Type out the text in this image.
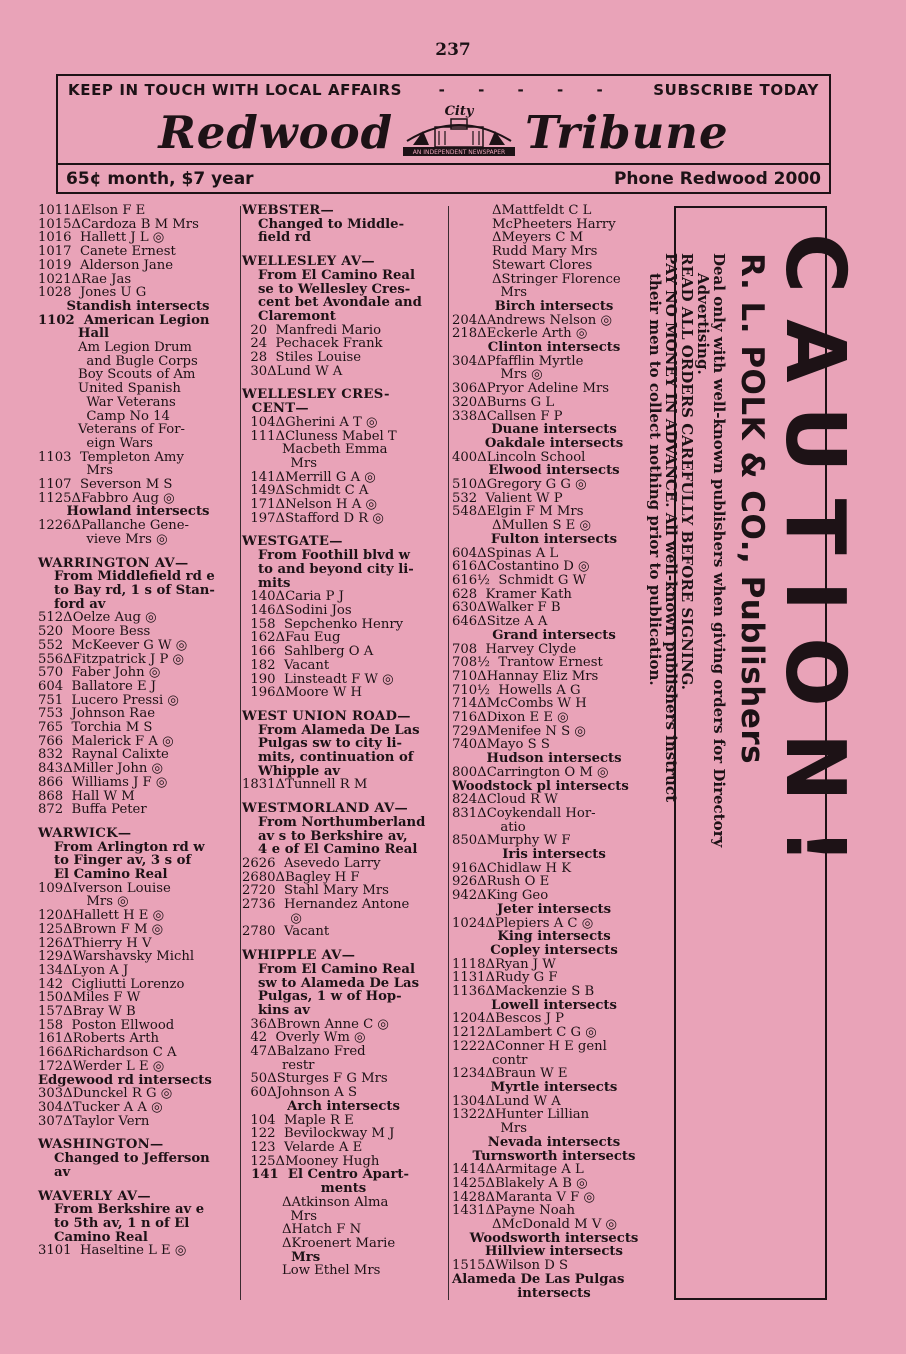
237
KEEP IN TOUCH WITH LOCAL AFFAIRS - - - - - SUBSCRIBE TODAY
Redwood	City
AN INDEPENDENT NEWSPAPER Tribune
65¢ month, $7 year	Phone Redwood 2000
1011ΔElson F E
1015ΔCardoza B M Mrs
1016  Hallett J L ◎
1017  Canete Ernest
1019  Alderson Jane
1021ΔRae Jas
1028  Jones U G
Standish intersects
1102  American Legion
Hall
Am Legion Drum
and Bugle Corps
Boy Scouts of Am
United Spanish
War Veterans
Camp No 14
Veterans of For-
eign Wars
1103  Templeton Amy
Mrs
1107  Severson M S
1125ΔFabbro Aug ◎
Howland intersects
1226ΔPallanche Gene-
vieve Mrs ◎
WARRINGTON AV—
From Middlefield rd e
to Bay rd, 1 s of Stan-
ford av
512ΔOelze Aug ◎
520  Moore Bess
552  McKeever G W ◎
556ΔFitzpatrick J P ◎
570  Faber John ◎
604  Ballatore E J
751  Lucero Pressi ◎
753  Johnson Rae
765  Torchia M S
766  Malerick F A ◎
832  Raynal Calixte
843ΔMiller John ◎
866  Williams J F ◎
868  Hall W M
872  Buffa Peter
WARWICK—
From Arlington rd w
to Finger av, 3 s of
El Camino Real
109ΔIverson Louise
Mrs ◎
120ΔHallett H E ◎
125ΔBrown F M ◎
126ΔThierry H V
129ΔWarshavsky Michl
134ΔLyon A J
142  Cigliutti Lorenzo
150ΔMiles F W
157ΔBray W B
158  Poston Ellwood
161ΔRoberts Arth
166ΔRichardson C A
172ΔWerder L E ◎
Edgewood rd intersects
303ΔDunckel R G ◎
304ΔTucker A A ◎
307ΔTaylor Vern
WASHINGTON—
Changed to Jefferson
av
WAVERLY AV—
From Berkshire av e
to 5th av, 1 n of El
Camino Real
3101  Haseltine L E ◎
WEBSTER—
Changed to Middle-
field rd
WELLESLEY AV—
From El Camino Real
se to Wellesley Cres-
cent bet Avondale and
Claremont
20  Manfredi Mario
24  Pechacek Frank
28  Stiles Louise
30ΔLund W A
WELLESLEY CRES-
CENT—
104ΔGherini A T ◎
111ΔCluness Mabel T
Macbeth Emma
Mrs
141ΔMerrill G A ◎
149ΔSchmidt C A
171ΔNelson H A ◎
197ΔStafford D R ◎
WESTGATE—
From Foothill blvd w
to and beyond city li-
mits
140ΔCaria P J
146ΔSodini Jos
158  Sepchenko Henry
162ΔFau Eug
166  Sahlberg O A
182  Vacant
190  Linsteadt F W ◎
196ΔMoore W H
WEST UNION ROAD—
From Alameda De Las
Pulgas sw to city li-
mits, continuation of
Whipple av
1831ΔTunnell R M
WESTMORLAND AV—
From Northumberland
av s to Berkshire av,
4 e of El Camino Real
2626  Asevedo Larry
2680ΔBagley H F
2720  Stahl Mary Mrs
2736  Hernandez Antone
◎
2780  Vacant
WHIPPLE AV—
From El Camino Real
sw to Alameda De Las
Pulgas, 1 w of Hop-
kins av
36ΔBrown Anne C ◎
42  Overly Wm ◎
47ΔBalzano Fred
restr
50ΔSturges F G Mrs
60ΔJohnson A S
Arch intersects
104  Maple R E
122  Bevilockway M J
123  Velarde A E
125ΔMooney Hugh
141  El Centro Apart-
ments
ΔAtkinson Alma
Mrs
ΔHatch F N
ΔKroenert Marie
Mrs
Low Ethel Mrs
ΔMattfeldt C L
McPheeters Harry
ΔMeyers C M
Rudd Mary Mrs
Stewart Clores
ΔStringer Florence
Mrs
Birch intersects
204ΔAndrews Nelson ◎
218ΔEckerle Arth ◎
Clinton intersects
304ΔPfafflin Myrtle
Mrs ◎
306ΔPryor Adeline Mrs
320ΔBurns G L
338ΔCallsen F P
Duane intersects
Oakdale intersects
400ΔLincoln School
Elwood intersects
510ΔGregory G G ◎
532  Valient W P
548ΔElgin F M Mrs
ΔMullen S E ◎
Fulton intersects
604ΔSpinas A L
616ΔCostantino D ◎
616½  Schmidt G W
628  Kramer Kath
630ΔWalker F B
646ΔSitze A A
Grand intersects
708  Harvey Clyde
708½  Trantow Ernest
710ΔHannay Eliz Mrs
710½  Howells A G
714ΔMcCombs W H
716ΔDixon E E ◎
729ΔMenifee N S ◎
740ΔMayo S S
Hudson intersects
800ΔCarrington O M ◎
Woodstock pl intersects
824ΔCloud R W
831ΔCoykendall Hor-
atio
850ΔMurphy W F
Iris intersects
916ΔChidlaw H K
926ΔRush O E
942ΔKing Geo
Jeter intersects
1024ΔPlepiers A C ◎
King intersects
Copley intersects
1118ΔRyan J W
1131ΔRudy G F
1136ΔMackenzie S B
Lowell intersects
1204ΔBescos J P
1212ΔLambert C G ◎
1222ΔConner H E genl
contr
1234ΔBraun W E
Myrtle intersects
1304ΔLund W A
1322ΔHunter Lillian
Mrs
Nevada intersects
Turnsworth intersects
1414ΔArmitage A L
1425ΔBlakely A B ◎
1428ΔMaranta V F ◎
1431ΔPayne Noah
ΔMcDonald M V ◎
Woodsworth intersects
Hillview intersects
1515ΔWilson D S
Alameda De Las Pulgas
intersects
CAUTION!
R. L. POLK & CO., Publishers
Deal only with well-known publishers when giving orders for Directory
Advertising.
READ ALL ORDERS CAREFULLY BEFORE SIGNING.
PAY NO MONEY IN ADVANCE. All well-known publishers instruct
their men to collect nothing prior to publication.
